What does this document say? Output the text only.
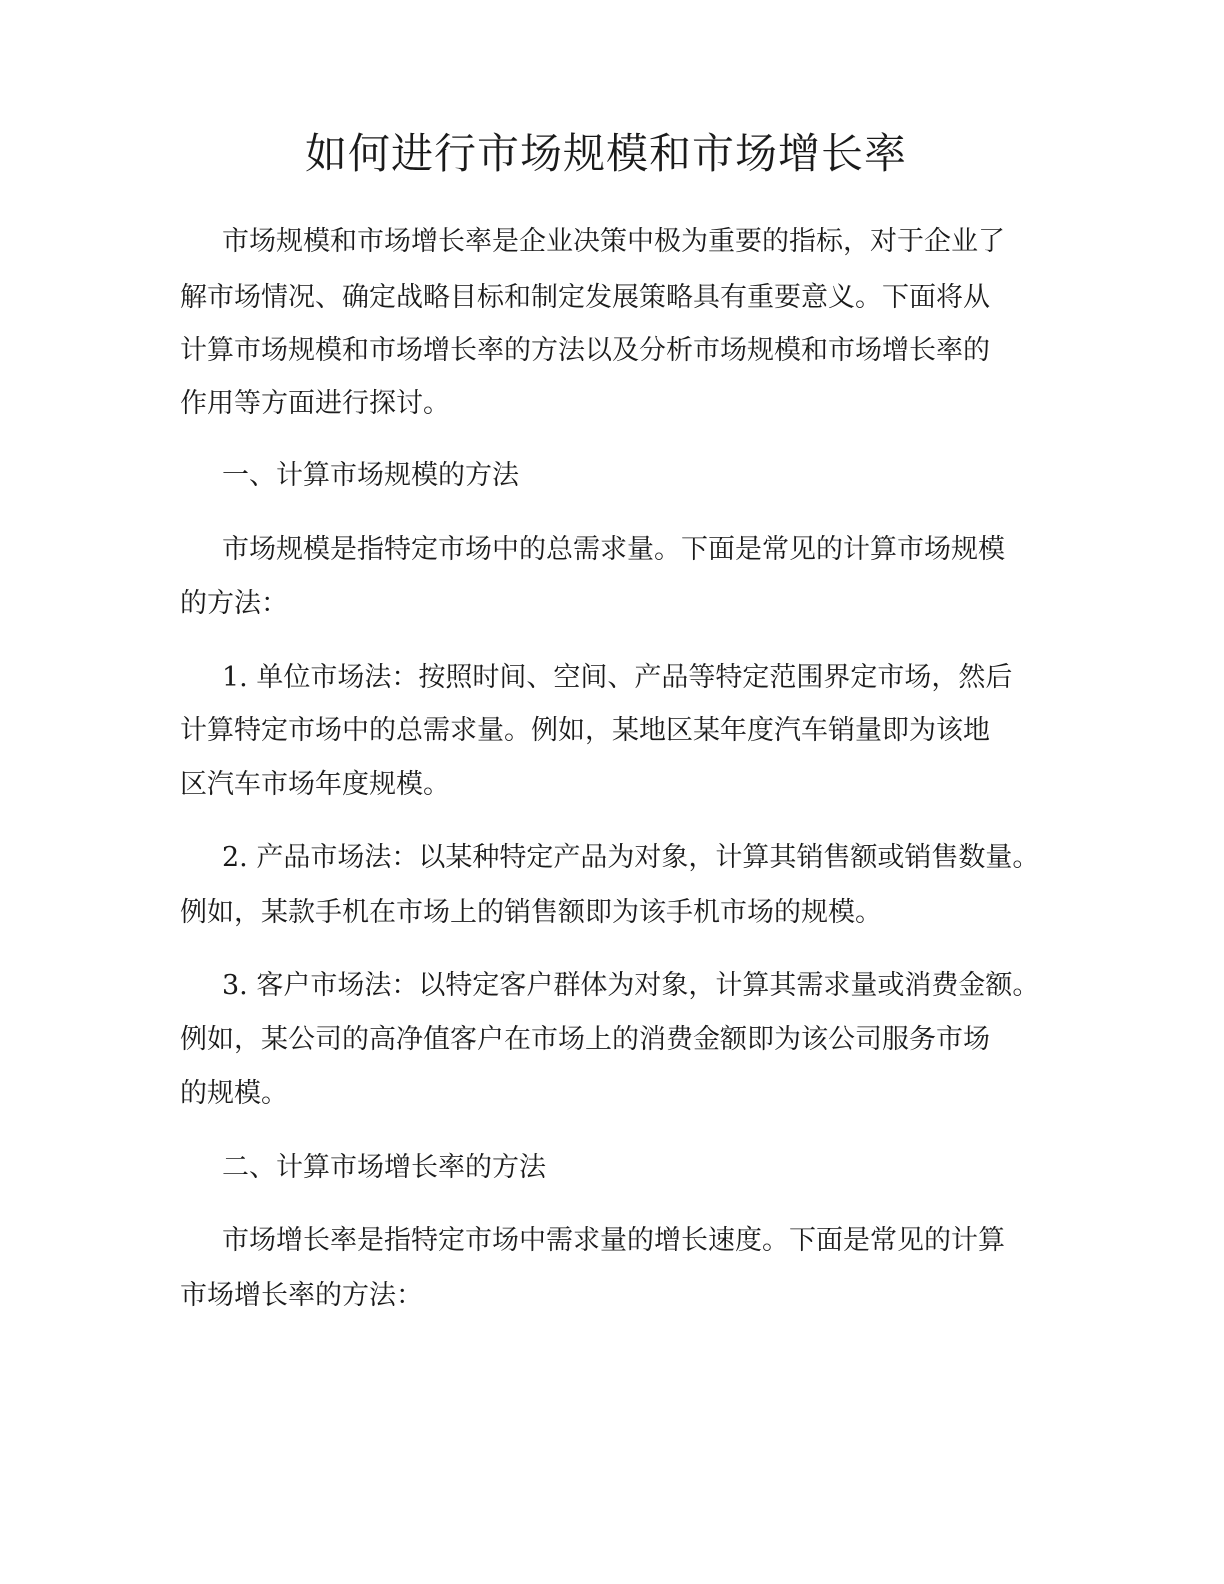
如何进行市场规模和市场增长率

市场规模和市场增长率是企业决策中极为重要的指标，对于企业了

解市场情况、确定战略目标和制定发展策略具有重要意义。下面将从

计算市场规模和市场增长率的方法以及分析市场规模和市场增长率的

作用等方面进行探讨。

一、计算市场规模的方法

市场规模是指特定市场中的总需求量。下面是常见的计算市场规模

的方法：

1. 单位市场法：按照时间、空间、产品等特定范围界定市场，然后

计算特定市场中的总需求量。例如，某地区某年度汽车销量即为该地

区汽车市场年度规模。

2. 产品市场法：以某种特定产品为对象，计算其销售额或销售数量。

例如，某款手机在市场上的销售额即为该手机市场的规模。

3. 客户市场法：以特定客户群体为对象，计算其需求量或消费金额。

例如，某公司的高净值客户在市场上的消费金额即为该公司服务市场

的规模。

二、计算市场增长率的方法

市场增长率是指特定市场中需求量的增长速度。下面是常见的计算

市场增长率的方法：
